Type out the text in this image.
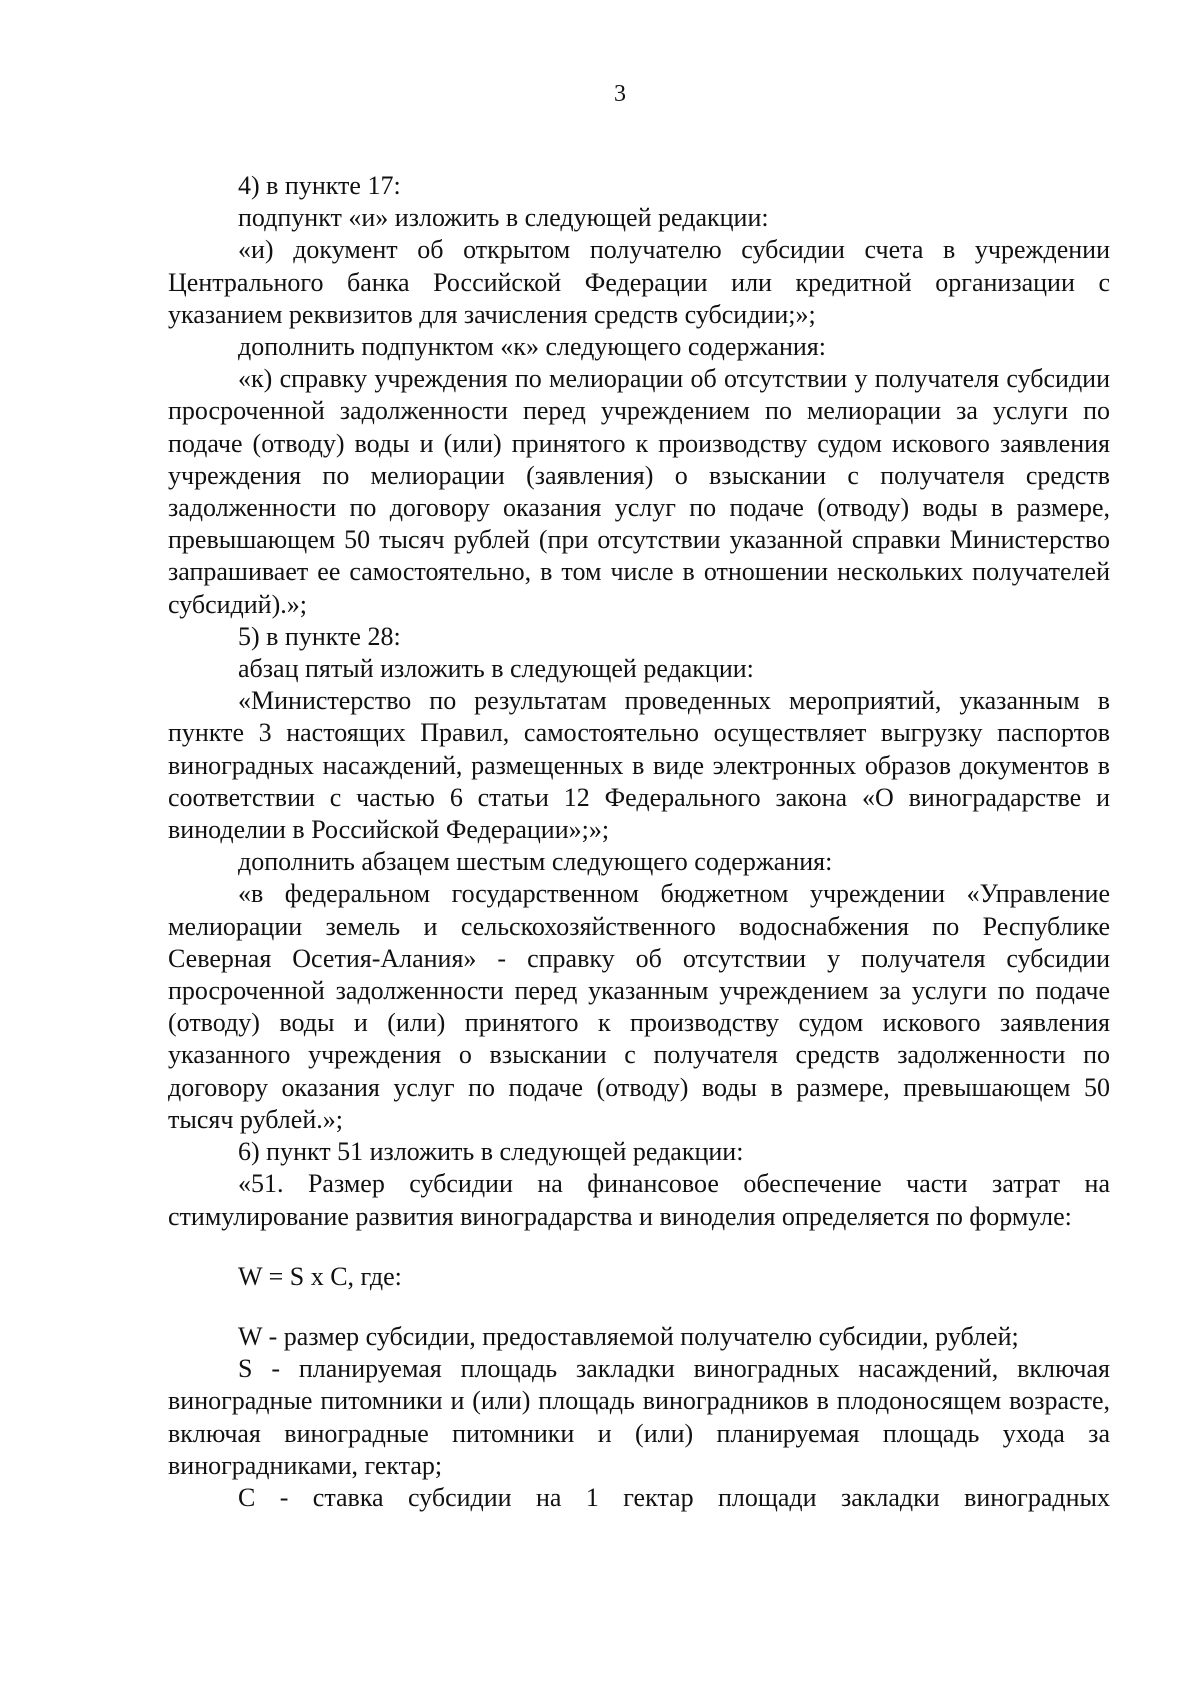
3

4) в пункте 17:

подпункт «и» изложить в следующей редакции:

«и) документ об открытом получателю субсидии счета в учреждении Центрального банка Российской Федерации или кредитной организации с указанием реквизитов для зачисления средств субсидии;»;

дополнить подпунктом «к» следующего содержания:

«к) справку учреждения по мелиорации об отсутствии у получателя субсидии просроченной задолженности перед учреждением по мелиорации за услуги по подаче (отводу) воды и (или) принятого к производству судом искового заявления учреждения по мелиорации (заявления) о взыскании с получателя средств задолженности по договору оказания услуг по подаче (отводу) воды в размере, превышающем 50 тысяч рублей (при отсутствии указанной справки Министерство запрашивает ее самостоятельно, в том числе в отношении нескольких получателей субсидий).»;

5) в пункте 28:

абзац пятый изложить в следующей редакции:

«Министерство по результатам проведенных мероприятий, указанным в пункте 3 настоящих Правил, самостоятельно осуществляет выгрузку паспортов виноградных насаждений, размещенных в виде электронных образов документов в соответствии с частью 6 статьи 12 Федерального закона «О виноградарстве и виноделии в Российской Федерации»;»;

дополнить абзацем шестым следующего содержания:

«в федеральном государственном бюджетном учреждении «Управление мелиорации земель и сельскохозяйственного водоснабжения по Республике Северная Осетия-Алания» - справку об отсутствии у получателя субсидии просроченной задолженности перед указанным учреждением за услуги по подаче (отводу) воды и (или) принятого к производству судом искового заявления указанного учреждения о взыскании с получателя средств задолженности по договору оказания услуг по подаче (отводу) воды в размере, превышающем 50 тысяч рублей.»;

6) пункт 51 изложить в следующей редакции:

«51. Размер субсидии на финансовое обеспечение части затрат на стимулирование развития виноградарства и виноделия определяется по формуле:

W = S x C, где:

W - размер субсидии, предоставляемой получателю субсидии, рублей;

S - планируемая площадь закладки виноградных насаждений, включая виноградные питомники и (или) площадь виноградников в плодоносящем возрасте, включая виноградные питомники и (или) планируемая площадь ухода за виноградниками, гектар;

C - ставка субсидии на 1 гектар площади закладки виноградных
